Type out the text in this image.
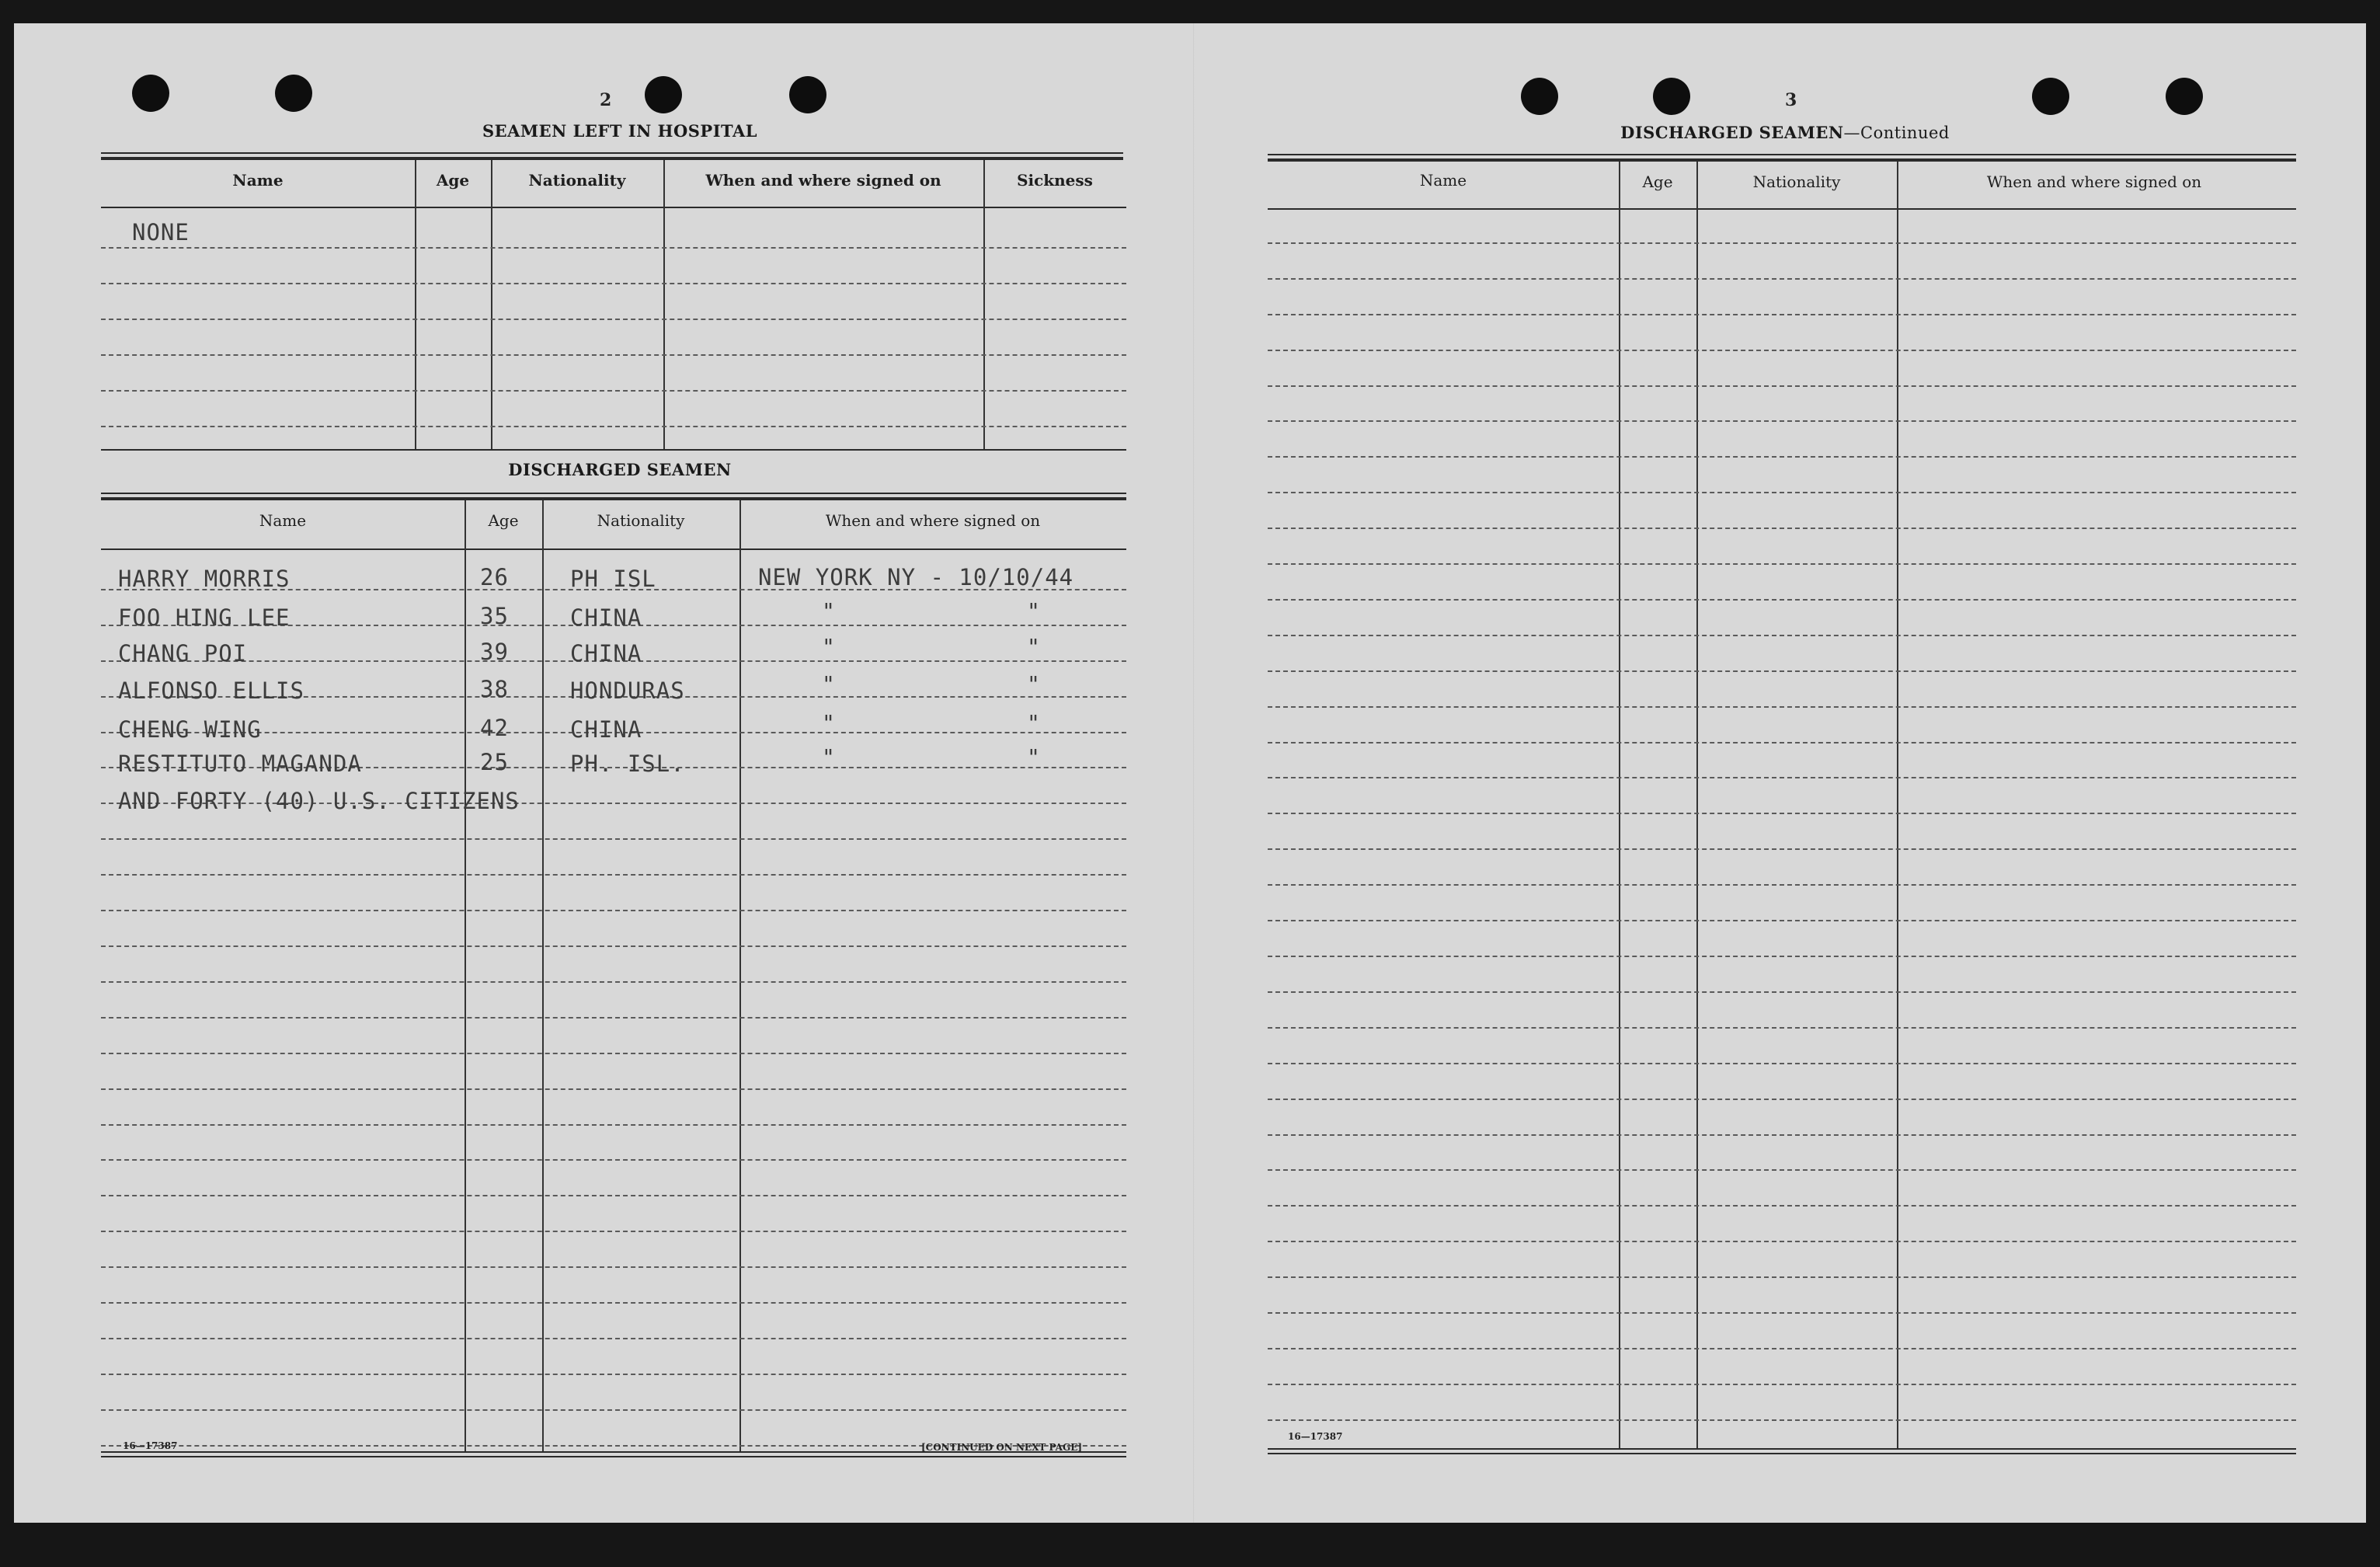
2
SEAMEN LEFT IN HOSPITAL
Name	Age	Nationality	When and where signed on	Sickness
NONE
DISCHARGED SEAMEN
Name	Age	Nationality	When and where signed on
HARRY MORRIS	26	PH ISL	NEW YORK NY - 10/10/44
FOO HING LEE	35	CHINA	"	"
CHANG POI	39	CHINA	"	"
ALFONSO ELLIS	38	HONDURAS	"	"
CHENG WING	42	CHINA	"	"
RESTITUTO MAGANDA	25	PH. ISL.	"	"
AND FORTY (40) U.S. CITIZENS
16—17387	[CONTINUED ON NEXT PAGE]
3
DISCHARGED SEAMEN—Continued
Name	Age	Nationality	When and where signed on
16—17387
